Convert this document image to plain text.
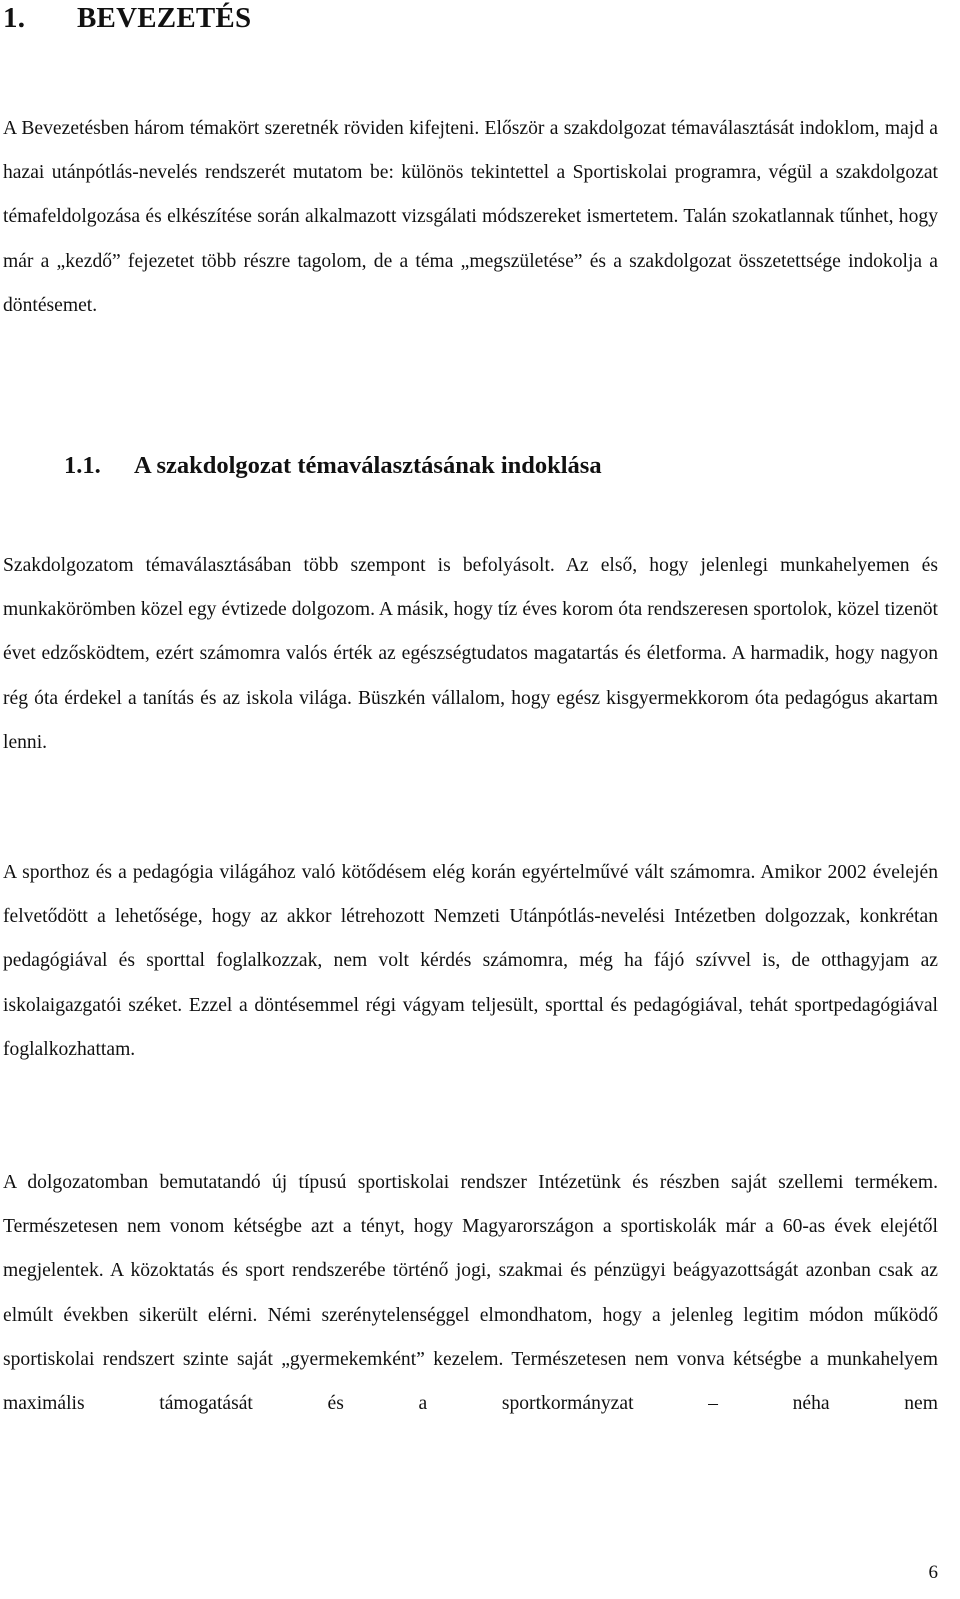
1. BEVEZETÉS

A Bevezetésben három témakört szeretnék röviden kifejteni. Először a szakdolgozat témaválasztását indoklom, majd a hazai utánpótlás-nevelés rendszerét mutatom be: különös tekintettel a Sportiskolai programra, végül a szakdolgozat témafeldolgozása és elkészítése során alkalmazott vizsgálati módszereket ismertetem. Talán szokatlannak tűnhet, hogy már a „kezdő” fejezetet több részre tagolom, de a téma „megszületése” és a szakdolgozat összetettsége indokolja a döntésemet.

1.1. A szakdolgozat témaválasztásának indoklása

Szakdolgozatom témaválasztásában több szempont is befolyásolt. Az első, hogy jelenlegi munkahelyemen és munkakörömben közel egy évtizede dolgozom. A másik, hogy tíz éves korom óta rendszeresen sportolok, közel tizenöt évet edzősködtem, ezért számomra valós érték az egészségtudatos magatartás és életforma. A harmadik, hogy nagyon rég óta érdekel a tanítás és az iskola világa. Büszkén vállalom, hogy egész kisgyermekkorom óta pedagógus akartam lenni.

A sporthoz és a pedagógia világához való kötődésem elég korán egyértelművé vált számomra. Amikor 2002 évelején felvetődött a lehetősége, hogy az akkor létrehozott Nemzeti Utánpótlás-nevelési Intézetben dolgozzak, konkrétan pedagógiával és sporttal foglalkozzak, nem volt kérdés számomra, még ha fájó szívvel is, de otthagyjam az iskolaigazgatói széket. Ezzel a döntésemmel régi vágyam teljesült, sporttal és pedagógiával, tehát sportpedagógiával foglalkozhattam.

A dolgozatomban bemutatandó új típusú sportiskolai rendszer Intézetünk és részben saját szellemi termékem. Természetesen nem vonom kétségbe azt a tényt, hogy Magyarországon a sportiskolák már a 60-as évek elejétől megjelentek. A közoktatás és sport rendszerébe történő jogi, szakmai és pénzügyi beágyazottságát azonban csak az elmúlt években sikerült elérni. Némi szerénytelenséggel elmondhatom, hogy a jelenleg legitim módon működő sportiskolai rendszert szinte saját „gyermekemként” kezelem. Természetesen nem vonva kétségbe a munkahelyem maximális támogatását és a sportkormányzat – néha nem

6
